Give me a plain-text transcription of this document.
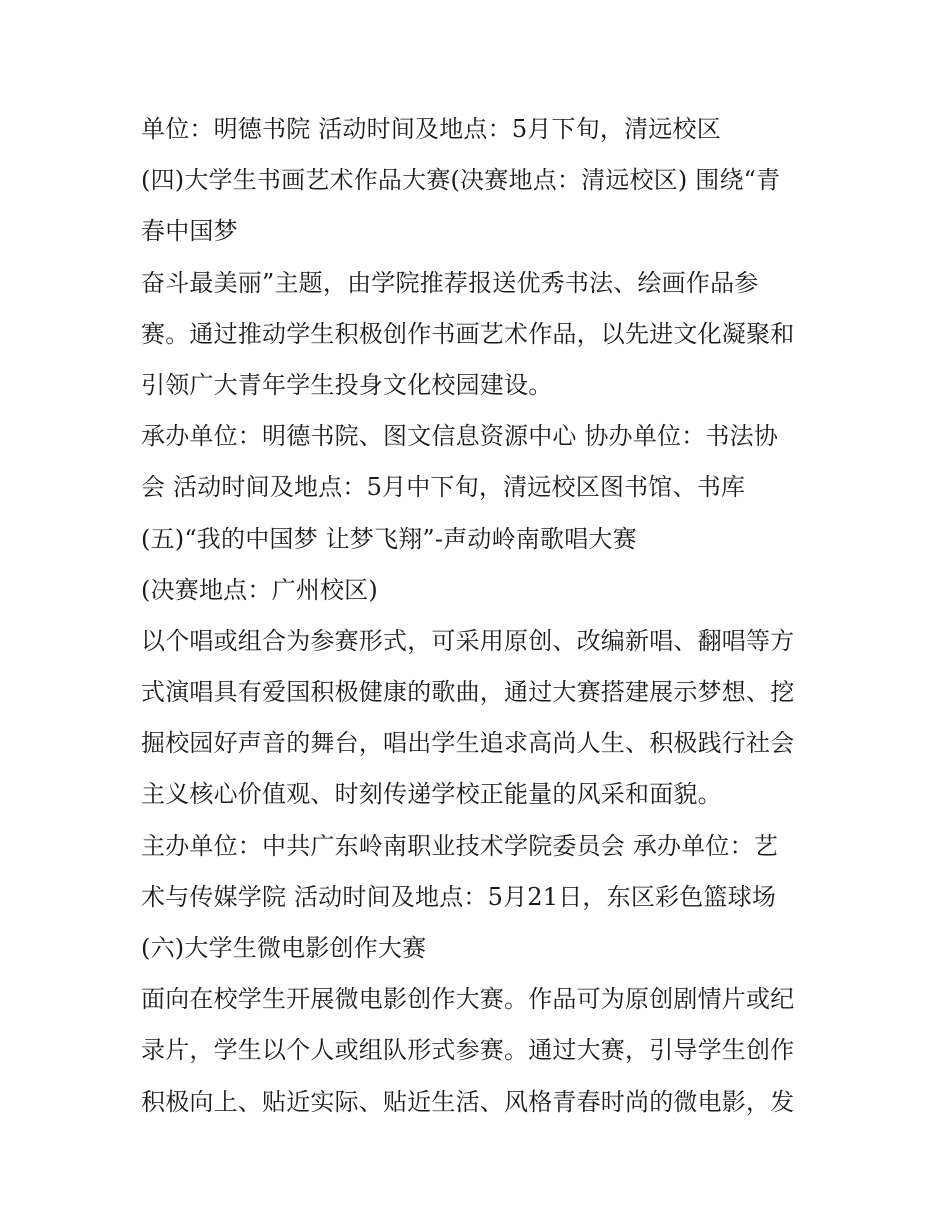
单位：明德书院 活动时间及地点：5月下旬，清远校区
(四)大学生书画艺术作品大赛(决赛地点：清远校区) 围绕“青
春中国梦
奋斗最美丽”主题，由学院推荐报送优秀书法、绘画作品参
赛。通过推动学生积极创作书画艺术作品，以先进文化凝聚和
引领广大青年学生投身文化校园建设。
承办单位：明德书院、图文信息资源中心 协办单位：书法协
会 活动时间及地点：5月中下旬，清远校区图书馆、书库
(五)“我的中国梦 让梦飞翔”-声动岭南歌唱大赛
(决赛地点：广州校区)
以个唱或组合为参赛形式，可采用原创、改编新唱、翻唱等方
式演唱具有爱国积极健康的歌曲，通过大赛搭建展示梦想、挖
掘校园好声音的舞台，唱出学生追求高尚人生、积极践行社会
主义核心价值观、时刻传递学校正能量的风采和面貌。
主办单位：中共广东岭南职业技术学院委员会 承办单位：艺
术与传媒学院 活动时间及地点：5月21日，东区彩色篮球场
(六)大学生微电影创作大赛
面向在校学生开展微电影创作大赛。作品可为原创剧情片或纪
录片，学生以个人或组队形式参赛。通过大赛，引导学生创作
积极向上、贴近实际、贴近生活、风格青春时尚的微电影，发
